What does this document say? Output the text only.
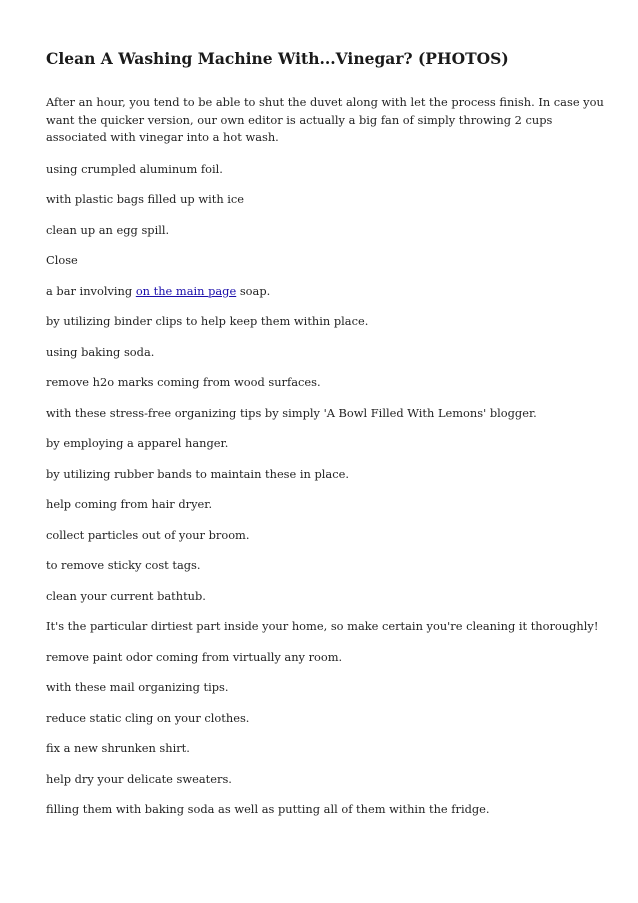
Clean A Washing Machine With...Vinegar? (PHOTOS)

After an hour, you tend to be able to shut the duvet along with let the process finish. In case you want the quicker version, our own editor is actually a big fan of simply throwing 2 cups associated with vinegar into a hot wash.

using crumpled aluminum foil.

with plastic bags filled up with ice

clean up an egg spill.

Close

a bar involving on the main page soap.

by utilizing binder clips to help keep them within place.

using baking soda.

remove h2o marks coming from wood surfaces.

with these stress-free organizing tips by simply 'A Bowl Filled With Lemons' blogger.

by employing a apparel hanger.

by utilizing rubber bands to maintain these in place.

help coming from hair dryer.

collect particles out of your broom.

to remove sticky cost tags.

clean your current bathtub.

It's the particular dirtiest part inside your home, so make certain you're cleaning it thoroughly!

remove paint odor coming from virtually any room.

with these mail organizing tips.

reduce static cling on your clothes.

fix a new shrunken shirt.

help dry your delicate sweaters.

filling them with baking soda as well as putting all of them within the fridge.
